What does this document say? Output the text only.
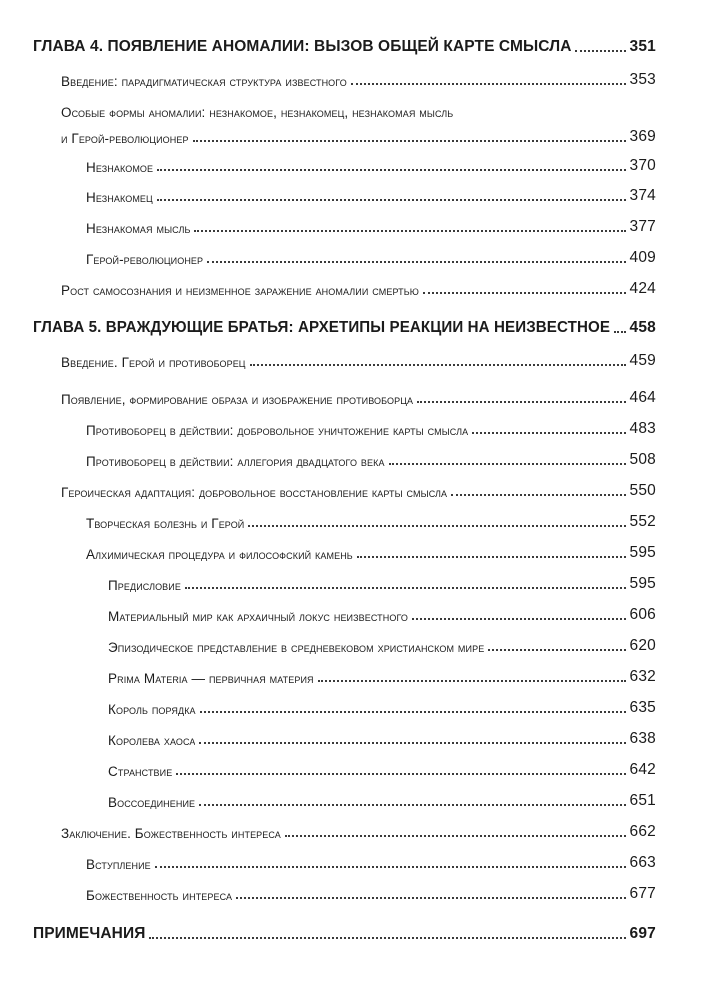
ГЛАВА 4. ПОЯВЛЕНИЕ АНОМАЛИИ: ВЫЗОВ ОБЩЕЙ КАРТЕ СМЫСЛА	351
Введение: парадигматическая структура известного	353
Особые формы аномалии: незнакомое, незнакомец, незнакомая мысль
и Герой-революционер	369
Незнакомое	370
Незнакомец	374
Незнакомая мысль	377
Герой-революционер	409
Рост самосознания и неизменное заражение аномалии смертью	424
ГЛАВА 5. ВРАЖДУЮЩИЕ БРАТЬЯ: АРХЕТИПЫ РЕАКЦИИ НА НЕИЗВЕСТНОЕ 458
Введение. Герой и противоборец	459
Появление, формирование образа и изображение противоборца	464
Противоборец в действии: добровольное уничтожение карты смысла	483
Противоборец в действии: аллегория двадцатого века	508
Героическая адаптация: добровольное восстановление карты смысла	550
Творческая болезнь и Герой	552
Алхимическая процедура и философский камень	595
Предисловие	595
Материальный мир как архаичный локус неизвестного	606
Эпизодическое представление в средневековом христианском мире	620
Prima Materia — первичная материя	632
Король порядка	635
Королева хаоса	638
Странствие	642
Воссоединение	651
Заключение. Божественность интереса	662
Вступление	663
Божественность интереса	677
ПРИМЕЧАНИЯ	697
